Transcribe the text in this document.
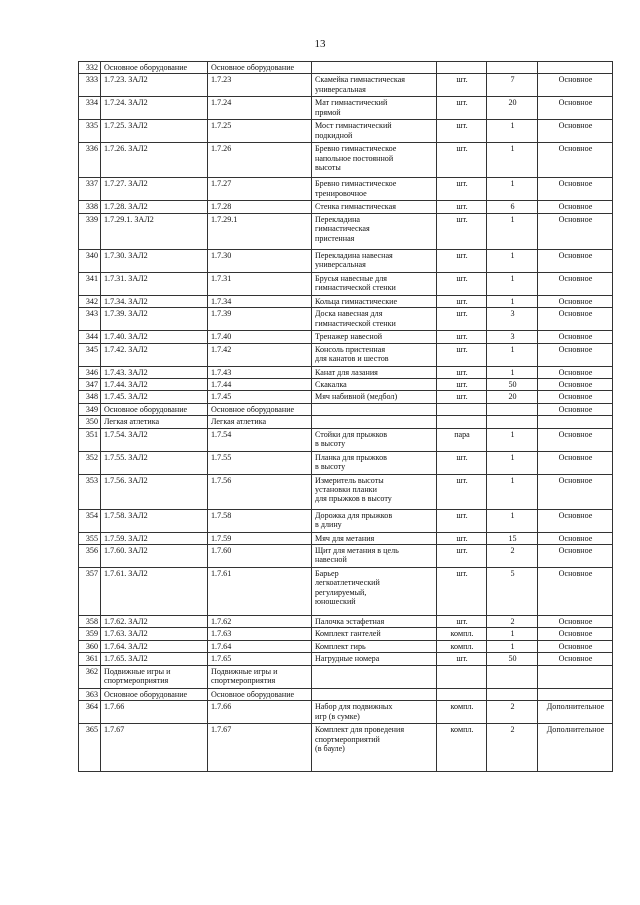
13
332	Основное оборудование	Основное оборудование				
333	1.7.23. ЗАЛ2	1.7.23	Скамейка гимнастическая
универсальная	шт.	7	Основное
334	1.7.24. ЗАЛ2	1.7.24	Мат гимнастический
прямой	шт.	20	Основное
335	1.7.25. ЗАЛ2	1.7.25	Мост гимнастический
подкидной	шт.	1	Основное
336	1.7.26. ЗАЛ2	1.7.26	Бревно гимнастическое
напольное постоянной
высоты	шт.	1	Основное
337	1.7.27. ЗАЛ2	1.7.27	Бревно гимнастическое
тренировочное	шт.	1	Основное
338	1.7.28. ЗАЛ2	1.7.28	Стенка гимнастическая	шт.	6	Основное
339	1.7.29.1. ЗАЛ2	1.7.29.1	Перекладина
гимнастическая
пристенная	шт.	1	Основное
340	1.7.30. ЗАЛ2	1.7.30	Перекладина навесная
универсальная	шт.	1	Основное
341	1.7.31. ЗАЛ2	1.7.31	Брусья навесные для
гимнастической стенки	шт.	1	Основное
342	1.7.34. ЗАЛ2	1.7.34	Кольца гимнастические	шт.	1	Основное
343	1.7.39. ЗАЛ2	1.7.39	Доска навесная для
гимнастической стенки	шт.	3	Основное
344	1.7.40. ЗАЛ2	1.7.40	Тренажер навесной	шт.	3	Основное
345	1.7.42. ЗАЛ2	1.7.42	Консоль пристенная
для канатов и шестов	шт.	1	Основное
346	1.7.43. ЗАЛ2	1.7.43	Канат для лазания	шт.	1	Основное
347	1.7.44. ЗАЛ2	1.7.44	Скакалка	шт.	50	Основное
348	1.7.45. ЗАЛ2	1.7.45	Мяч набивной (медбол)	шт.	20	Основное
349	Основное оборудование	Основное оборудование				Основное
350	Легкая атлетика	Легкая атлетика				
351	1.7.54. ЗАЛ2	1.7.54	Стойки для прыжков
в высоту	пара	1	Основное
352	1.7.55. ЗАЛ2	1.7.55	Планка для прыжков
в высоту	шт.	1	Основное
353	1.7.56. ЗАЛ2	1.7.56	Измеритель высоты
установки планки
для прыжков в высоту	шт.	1	Основное
354	1.7.58. ЗАЛ2	1.7.58	Дорожка для прыжков
в длину	шт.	1	Основное
355	1.7.59. ЗАЛ2	1.7.59	Мяч для метания	шт.	15	Основное
356	1.7.60. ЗАЛ2	1.7.60	Щит для метания в цель
навесной	шт.	2	Основное
357	1.7.61. ЗАЛ2	1.7.61	Барьер
легкоатлетический
регулируемый,
юношеский	шт.	5	Основное
358	1.7.62. ЗАЛ2	1.7.62	Палочка эстафетная	шт.	2	Основное
359	1.7.63. ЗАЛ2	1.7.63	Комплект гантелей	компл.	1	Основное
360	1.7.64. ЗАЛ2	1.7.64	Комплект гирь	компл.	1	Основное
361	1.7.65. ЗАЛ2	1.7.65	Нагрудные номера	шт.	50	Основное
362	Подвижные игры и
спортмероприятия	Подвижные игры и
спортмероприятия				
363	Основное оборудование	Основное оборудование				
364	1.7.66	1.7.66	Набор для подвижных
игр (в сумке)	компл.	2	Дополнительное
365	1.7.67	1.7.67	Комплект для проведения
спортмероприятий
(в бауле)	компл.	2	Дополнительное
